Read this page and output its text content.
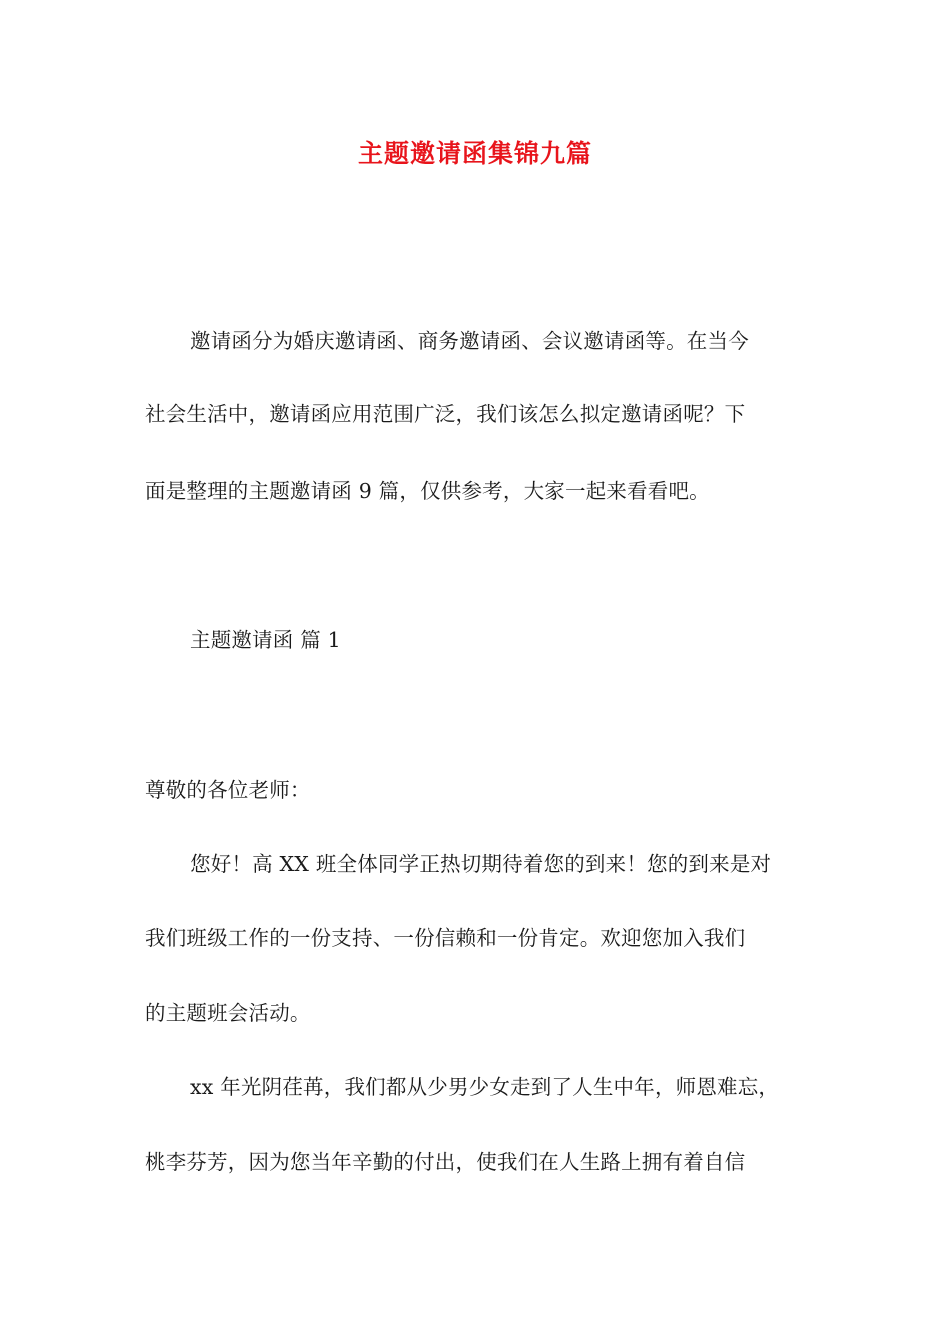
主题邀请函集锦九篇
邀请函分为婚庆邀请函、商务邀请函、会议邀请函等。在当今
社会生活中，邀请函应用范围广泛，我们该怎么拟定邀请函呢？下
面是整理的主题邀请函 9 篇，仅供参考，大家一起来看看吧。
主题邀请函 篇 1
尊敬的各位老师：
您好！高 XX 班全体同学正热切期待着您的到来！您的到来是对
我们班级工作的一份支持、一份信赖和一份肯定。欢迎您加入我们
的主题班会活动。
xx 年光阴荏苒，我们都从少男少女走到了人生中年，师恩难忘，
桃李芬芳，因为您当年辛勤的付出，使我们在人生路上拥有着自信
